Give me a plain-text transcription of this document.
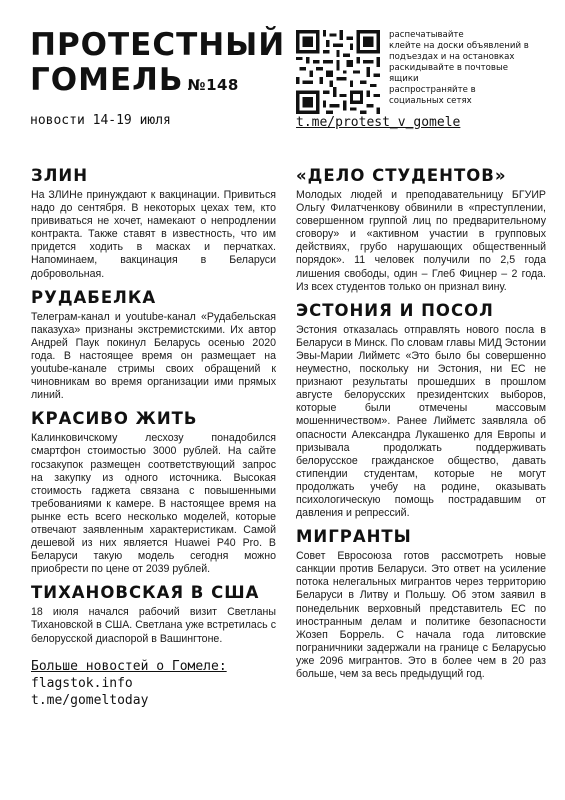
ПРОТЕСТНЫЙ
ГОМЕЛЬ №148
новости 14-19 июля
распечатывайте
клейте на доски объявлений в
подъездах и на остановках
раскидывайте в почтовые
ящики
распространяйте в
социальных сетях
t.me/protest_v_gomele
ЗЛИН
На ЗЛИНе принуждают к вакцинации. Привиться надо до сентября. В некоторых цехах тем, кто прививаться не хочет, намекают о непродлении контракта. Также ставят в известность, что им придется ходить в масках и перчатках. Напоминаем, вакцинация в Беларуси добровольная.
РУДАБЕЛКА
Телеграм-канал и youtube-канал «Рудабельская паказуха» признаны экстремистскими. Их автор Андрей Паук покинул Беларусь осенью 2020 года. В настоящее время он размещает на youtube-канале стримы своих обращений к чиновникам во время организации ими прямых линий.
КРАСИВО ЖИТЬ
Калинковичскому лесхозу понадобился смартфон стоимостью 3000 рублей. На сайте госзакупок размещен соответствующий запрос на закупку из одного источника. Высокая стоимость гаджета связана с повышенными требованиями к камере. В настоящее время на рынке есть всего несколько моделей, которые отвечают заявленным характеристикам. Самой дешевой из них является Huawei P40 Pro. В Беларуси такую модель сегодня можно приобрести по цене от 2039 рублей.
ТИХАНОВСКАЯ В США
18 июля начался рабочий визит Светланы Тихановской в США. Светлана уже встретилась с белорусской диаспорой в Вашингтоне.
Больше новостей о Гомеле:
flagstok.info
t.me/gomeltoday
«ДЕЛО СТУДЕНТОВ»
Молодых людей и преподавательницу БГУИР Ольгу Филатченкову обвинили в «преступлении, совершенном группой лиц по предварительному сговору» и «активном участии в групповых действиях, грубо нарушающих общественный порядок». 11 человек получили по 2,5 года лишения свободы, один – Глеб Фицнер – 2 года. Из всех студентов только он признал вину.
ЭСТОНИЯ И ПОСОЛ
Эстония отказалась отправлять нового посла в Беларуси в Минск. По словам главы МИД Эстонии Эвы-Марии Лийметс «Это было бы совершенно неуместно, поскольку ни Эстония, ни ЕС не признают результаты прошедших в прошлом августе белорусских президентских выборов, которые были отмечены массовым мошенничеством». Ранее Лийметс заявляла об опасности Александра Лукашенко для Европы и призывала продолжать поддерживать белорусское гражданское общество, давать стипендии студентам, которые не могут продолжать учебу на родине, оказывать психологическую помощь пострадавшим от давления и репрессий.
МИГРАНТЫ
Совет Евросоюза готов рассмотреть новые санкции против Беларуси. Это ответ на усиление потока нелегальных мигрантов через территорию Беларуси в Литву и Польшу. Об этом заявил в понедельник верховный представитель ЕС по иностранным делам и политике безопасности Жозеп Боррель. С начала года литовские пограничники задержали на границе с Беларусью уже 2096 мигрантов. Это в более чем в 20 раз больше, чем за весь предыдущий год.
